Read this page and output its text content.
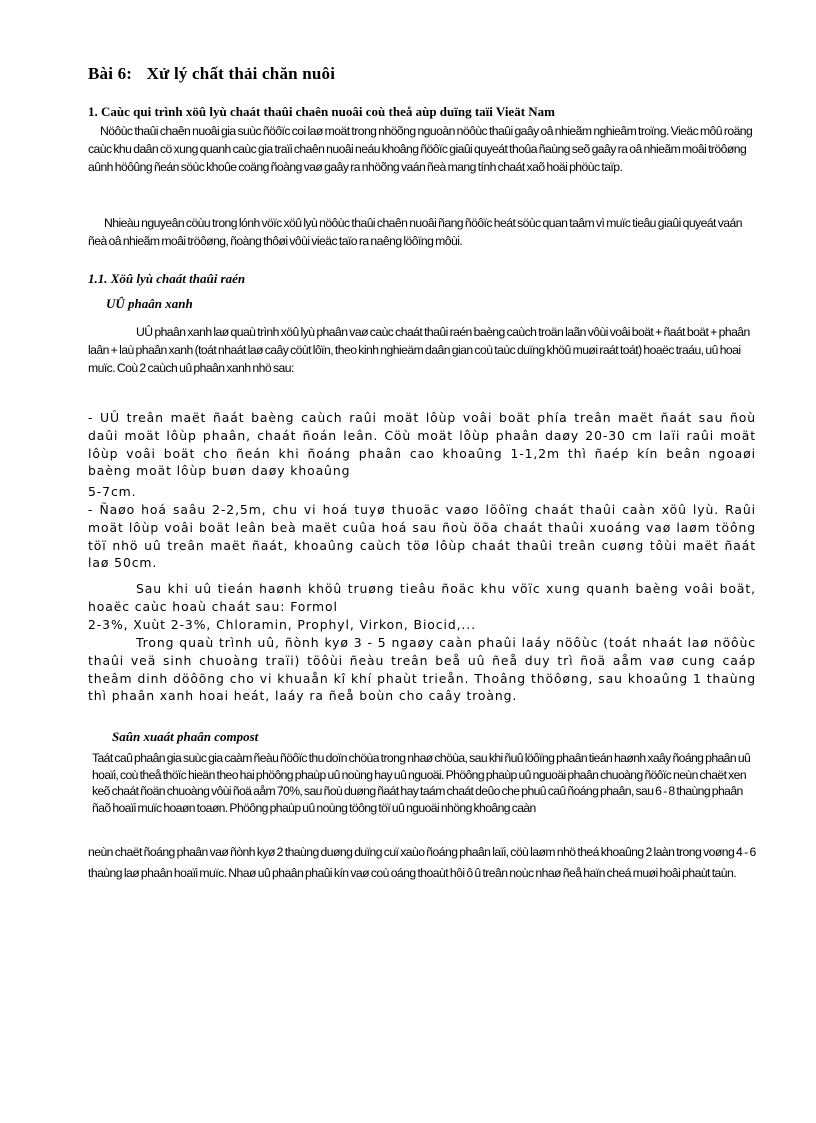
Bài 6: Xử lý chất thải chăn nuôi
1. Caùc qui trình xöû lyù chaát thaûi chaên nuoâi coù theå aùp duïng taïi Vieät Nam

Nöôùc thaûi chaên nuoâi gia suùc ñöôïc coi laø moät trong nhöõng nguoàn nöôùc thaûi gaây oâ nhieãm nghieâm troïng. Vieäc môû roäng caùc khu daân cö xung quanh caùc gia traïi chaên nuoâi neáu khoâng ñöôïc giaûi quyeát thoûa ñaùng seõ gaây ra oâ nhieãm moâi tröôøng aûnh höôûng ñeán söùc khoûe coäng ñoàng vaø gaây ra nhöõng vaán ñeà mang tính chaát xaõ hoäi phöùc taïp.

Nhieàu nguyeân cöùu trong lónh vöïc xöû lyù nöôùc thaûi chaên nuoâi ñang ñöôïc heát söùc quan taâm vì muïc tieâu giaûi quyeát vaán ñeà oâ nhieãm moâi tröôøng, ñoàng thôøi vôùi vieäc taïo ra naêng löôïng môùi.

1.1. Xöû lyù chaát thaûi raén
UÛ phaân xanh

UÛ phaân xanh laø quaù trình xöû lyù phaân vaø caùc chaát thaûi raén baèng caùch troän laãn vôùi voâi boät + ñaát boät + phaân laân + laù phaân xanh (toát nhaát laø caây cöùt lôïn, theo kinh nghieäm daân gian coù taùc duïng khöû muøi raát toát) hoaëc traáu, uû hoai muïc. Coù 2 caùch uû phaân xanh nhö sau:

- UÛ treân maët ñaát baèng caùch raûi moät lôùp voâi boät phía treân maët ñaát sau ñoù daûi moät lôùp phaân, chaát ñoán leân. Cöù moät lôùp phaân daøy 20-30 cm laïi raûi moät lôùp voâi boät cho ñeán khi ñoáng phaân cao khoaûng 1-1,2m thì ñaép kín beân ngoaøi baèng moät lôùp buøn daøy khoaûng

5-7cm.

- Ñaøo hoá saâu 2-2,5m, chu vi hoá tuyø thuoäc vaøo löôïng chaát thaûi caàn xöû lyù. Raûi moät lôùp voâi boät leân beà maët cuûa hoá sau ñoù öõa chaát thaûi xuoáng vaø laøm töông töï nhö uû treân maët ñaát, khoaûng caùch töø lôùp chaát thaûi treân cuøng tôùi maët ñaát laø 50cm.

Sau khi uû tieán haønh khöû truøng tieâu ñoäc khu vöïc xung quanh baèng voâi boät, hoaëc caùc hoaù chaát sau: Formol

2-3%, Xuùt 2-3%, Chloramin, Prophyl, Virkon, Biocid,...

Trong quaù trình uû, ñònh kyø 3 - 5 ngaøy caàn phaûi laáy nöôùc (toát nhaát laø nöôùc thaûi veä sinh chuoàng traïi) töôùi ñeàu treân beå uû ñeå duy trì ñoä aåm vaø cung caáp theâm dinh döôõng cho vi khuaån kî khí phaùt trieån. Thoâng thöôøng, sau khoaûng 1 thaùng thì phaân xanh hoai heát, laáy ra ñeå boùn cho caây troàng.

Saûn xuaát phaân compost

Taát caû phaân gia suùc gia caàm ñeàu ñöôïc thu doïn chöùa trong nhaø chöùa, sau khi ñuû löôïng phaân tieán haønh xaây ñoáng phaân uû hoaïi, coù theå thöïc hieän theo hai phöông phaùp uû noùng hay uû nguoäi. Phöông phaùp uû nguoäi phaân chuoàng ñöôïc neùn chaët xen keõ chaát ñoän chuoàng vôùi ñoä aåm 70%, sau ñoù duøng ñaát hay taám chaát deûo che phuû caû ñoáng phaân, sau 6 - 8 thaùng phaân ñaõ hoaïi muïc hoaøn toaøn. Phöông phaùp uû noùng töông töï uû nguoäi nhöng khoâng caàn

neùn chaët ñoáng phaân vaø ñònh kyø 2 thaùng duøng duïng cuï xaùo ñoáng phaân laïi, cöù laøm nhö theá khoaûng 2 laàn trong voøng 4 - 6 thaùng laø phaân hoaïi muïc. Nhaø uû phaân phaûi kín vaø coù oáng thoaùt hôi ô û treân noùc nhaø ñeå haïn cheá muøi hoâi phaùt taùn.
